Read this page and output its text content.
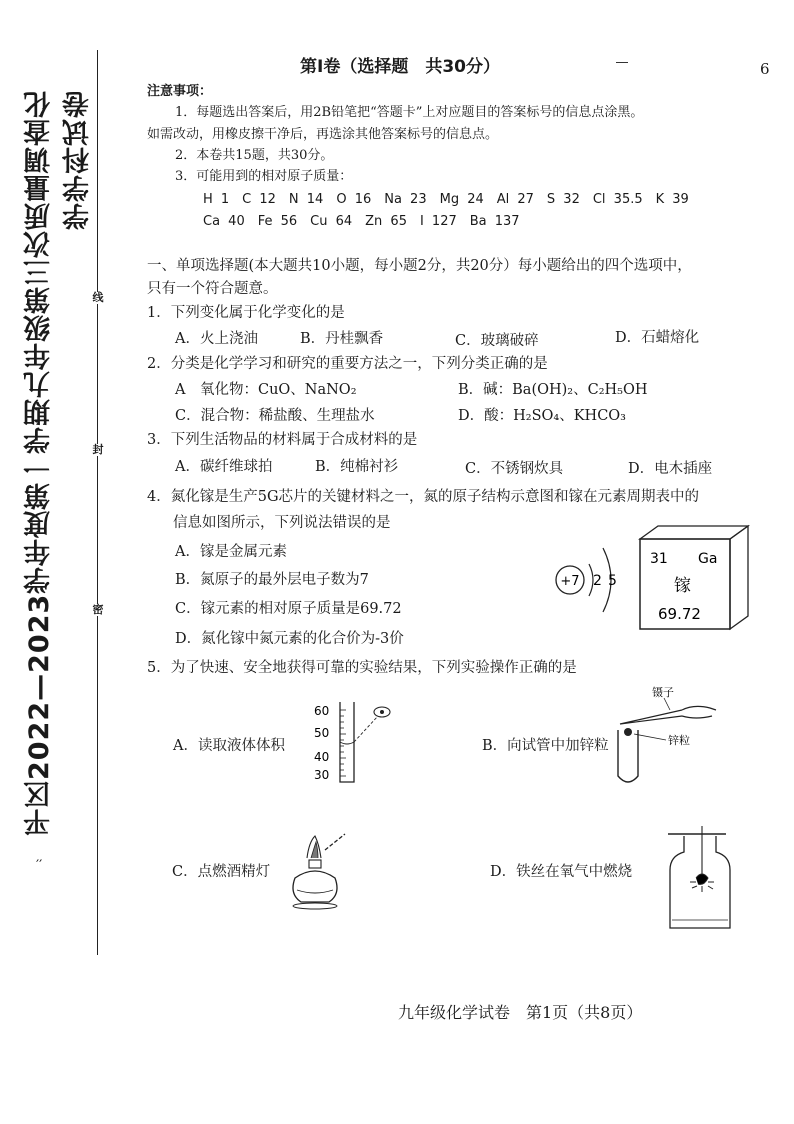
6
平区2022—2023学年度第一学期九年级第三次质量调查化学学科试卷
′′
线
封
密
第Ⅰ卷（选择题　共30分）
注意事项：
1．每题选出答案后，用2B铅笔把“答题卡”上对应题目的答案标号的信息点涂黑。
如需改动，用橡皮擦干净后，再选涂其他答案标号的信息点。
2．本卷共15题，共30分。
3．可能用到的相对原子质量：
H 1　C 12　N 14　O 16　Na 23　Mg 24　Al 27　S 32　Cl 35.5　K 39
Ca 40　Fe 56　Cu 64　Zn 65　I 127　Ba 137
一、单项选择题(本大题共10小题，每小题2分，共20分）每小题给出的四个选项中，
只有一个符合题意。
1．下列变化属于化学变化的是
A．火上浇油	B．丹桂飘香	C．玻璃破碎	D．石蜡熔化
2．分类是化学学习和研究的重要方法之一，下列分类正确的是
A　氧化物：CuO、NaNO₂	B．碱：Ba(OH)₂、C₂H₅OH
C．混合物：稀盐酸、生理盐水	D．酸：H₂SO₄、KHCO₃
3．下列生活物品的材料属于合成材料的是
A．碳纤维球拍	B．纯棉衬衫	C．不锈钢炊具	D．电木插座
4．氮化镓是生产5G芯片的关键材料之一，氮的原子结构示意图和镓在元素周期表中的
信息如图所示，下列说法错误的是
A．镓是金属元素
B．氮原子的最外层电子数为7
C．镓元素的相对原子质量是69.72
D．氮化镓中氮元素的化合价为-3价
+7 2 5
31 Ga
镓
69.72
5．为了快速、安全地获得可靠的实验结果，下列实验操作正确的是
A．读取液体体积	B．向试管中加锌粒
C．点燃酒精灯	D．铁丝在氧气中燃烧
60
50
40
30
镊子
锌粒
九年级化学试卷　第1页（共8页）
